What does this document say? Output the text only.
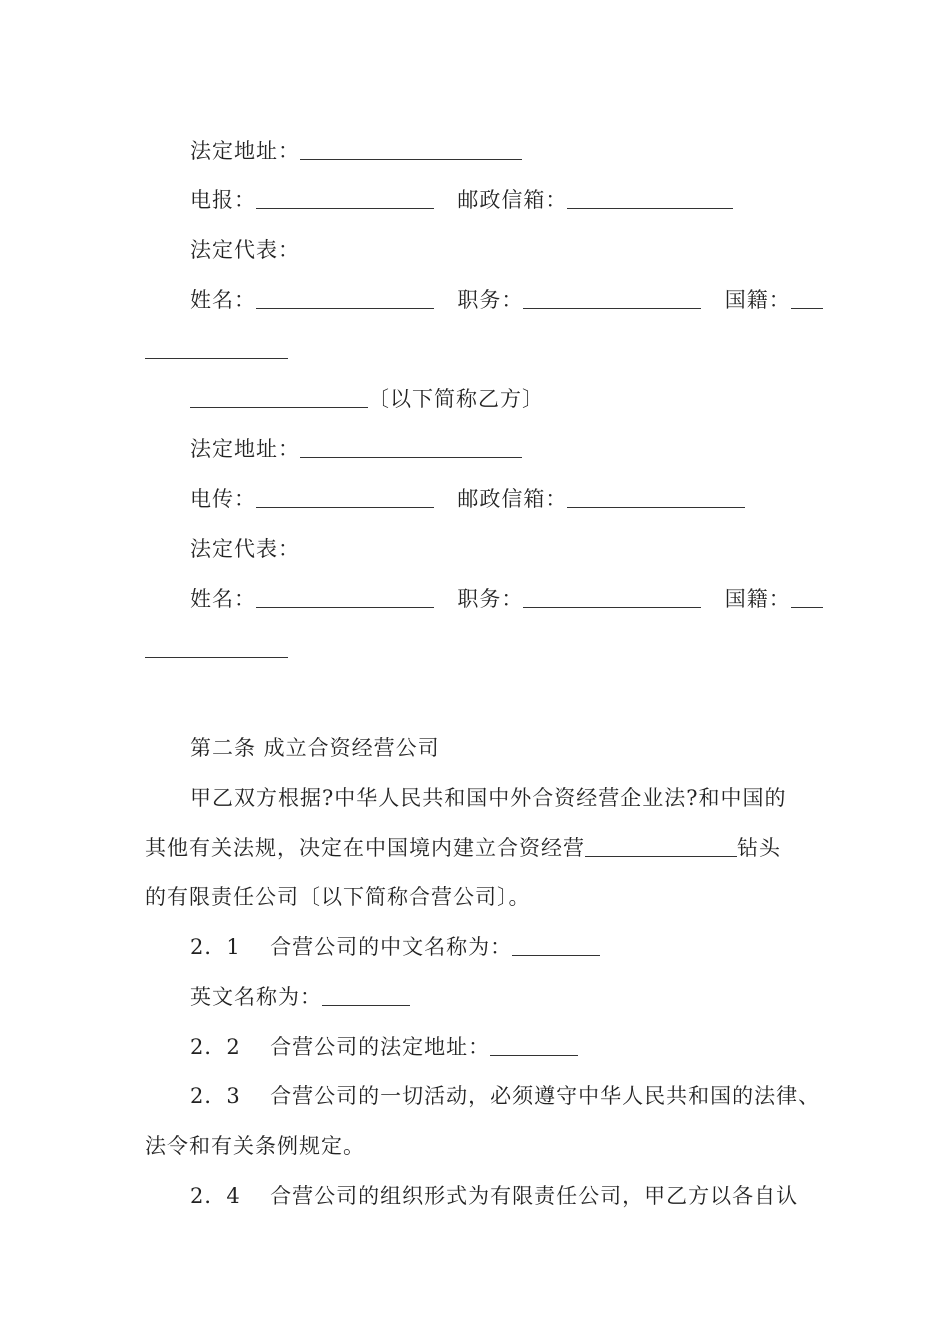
法定地址：
电报：	邮政信箱：
法定代表：
姓名：	职务：	国籍：
〔以下简称乙方〕
法定地址：
电传：	邮政信箱：
法定代表：
姓名：	职务：	国籍：
第二条 成立合资经营公司
甲乙双方根据?中华人民共和国中外合资经营企业法?和中国的
其他有关法规，决定在中国境内建立合资经营	钻头
的有限责任公司〔以下简称合营公司〕。
2．1 合营公司的中文名称为：
英文名称为：
2．2 合营公司的法定地址：
2．3 合营公司的一切活动，必须遵守中华人民共和国的法律、
法令和有关条例规定。
2．4 合营公司的组织形式为有限责任公司，甲乙方以各自认
